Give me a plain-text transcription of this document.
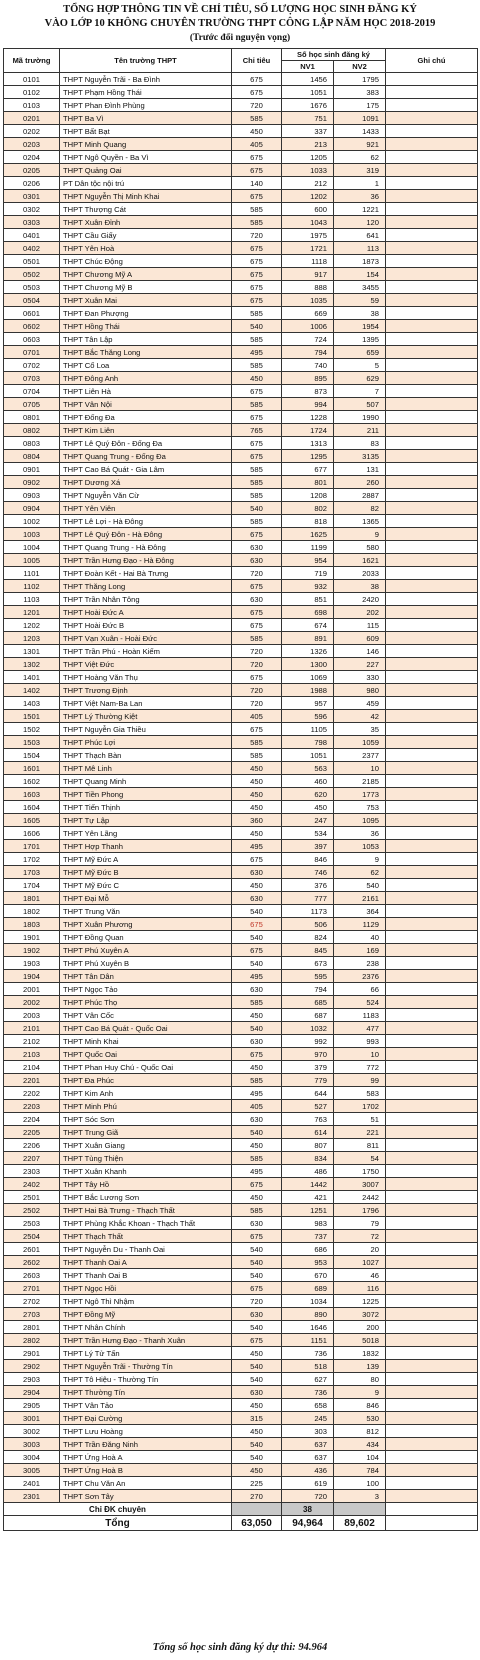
TỔNG HỢP THÔNG TIN VỀ CHỈ TIÊU, SỐ LƯỢNG HỌC SINH ĐĂNG KÝ
VÀO LỚP 10 KHÔNG CHUYÊN TRƯỜNG THPT CÔNG LẬP NĂM HỌC 2018-2019
(Trước đổi nguyện vọng)
Mã trường	Tên trường THPT	Chỉ tiêu	Số học sinh đăng ký		Ghi chú
			NV1	NV2	
0101	THPT Nguyễn Trãi - Ba Đình	675	1456	1795	
0102	THPT Phạm Hồng Thái	675	1051	383	
0103	THPT Phan Đình Phùng	720	1676	175	
0201	THPT Ba Vì	585	751	1091	
0202	THPT Bất Bạt	450	337	1433	
0203	THPT Minh Quang	405	213	921	
0204	THPT Ngô Quyền - Ba Vì	675	1205	62	
0205	THPT Quảng Oai	675	1033	319	
0206	PT Dân tộc nội trú	140	212	1	
0301	THPT Nguyễn Thị Minh Khai	675	1202	36	
0302	THPT Thượng Cát	585	600	1221	
0303	THPT Xuân Đỉnh	585	1043	120	
0401	THPT Cầu Giấy	720	1975	641	
0402	THPT Yên Hoà	675	1721	113	
0501	THPT Chúc Động	675	1118	1873	
0502	THPT Chương Mỹ A	675	917	154	
0503	THPT Chương Mỹ B	675	888	3455	
0504	THPT Xuân Mai	675	1035	59	
0601	THPT Đan Phượng	585	669	38	
0602	THPT Hồng Thái	540	1006	1954	
0603	THPT Tân Lập	585	724	1395	
0701	THPT Bắc Thăng Long	495	794	659	
0702	THPT Cổ Loa	585	740	5	
0703	THPT Đông Anh	450	895	629	
0704	THPT Liên Hà	675	873	7	
0705	THPT Vân Nội	585	994	507	
0801	THPT Đống Đa	675	1228	1990	
0802	THPT Kim Liên	765	1724	211	
0803	THPT Lê Quý Đôn - Đống Đa	675	1313	83	
0804	THPT Quang Trung - Đống Đa	675	1295	3135	
0901	THPT Cao Bá Quát - Gia Lâm	585	677	131	
0902	THPT Dương Xá	585	801	260	
0903	THPT Nguyễn Văn Cừ	585	1208	2887	
0904	THPT Yên Viên	540	802	82	
1002	THPT Lê Lợi - Hà Đông	585	818	1365	
1003	THPT Lê Quý Đôn - Hà Đông	675	1625	9	
1004	THPT Quang Trung - Hà Đông	630	1199	580	
1005	THPT Trần Hưng Đạo - Hà Đông	630	954	1621	
1101	THPT Đoàn Kết - Hai Bà Trưng	720	719	2033	
1102	THPT Thăng Long	675	932	38	
1103	THPT Trần Nhân Tông	630	851	2420	
1201	THPT Hoài Đức A	675	698	202	
1202	THPT Hoài Đức B	675	674	115	
1203	THPT Vạn Xuân - Hoài Đức	585	891	609	
1301	THPT Trần Phú - Hoàn Kiếm	720	1326	146	
1302	THPT Việt Đức	720	1300	227	
1401	THPT Hoàng Văn Thụ	675	1069	330	
1402	THPT Trương Định	720	1988	980	
1403	THPT Việt Nam-Ba Lan	720	957	459	
1501	THPT Lý Thường Kiệt	405	596	42	
1502	THPT Nguyễn Gia Thiều	675	1105	35	
1503	THPT Phúc Lợi	585	798	1059	
1504	THPT Thạch Bàn	585	1051	2377	
1601	THPT Mê Linh	450	563	10	
1602	THPT Quang Minh	450	460	2185	
1603	THPT Tiền Phong	450	620	1773	
1604	THPT Tiến Thịnh	450	450	753	
1605	THPT Tự Lập	360	247	1095	
1606	THPT Yên Lãng	450	534	36	
1701	THPT Hợp Thanh	495	397	1053	
1702	THPT Mỹ Đức A	675	846	9	
1703	THPT Mỹ Đức B	630	746	62	
1704	THPT Mỹ Đức C	450	376	540	
1801	THPT Đại Mỗ	630	777	2161	
1802	THPT Trung Văn	540	1173	364	
1803	THPT Xuân Phương	675	506	1129	
1901	THPT Đồng Quan	540	824	40	
1902	THPT Phú Xuyên A	675	845	169	
1903	THPT Phú Xuyên B	540	673	238	
1904	THPT Tân Dân	495	595	2376	
2001	THPT Ngọc Tảo	630	794	66	
2002	THPT Phúc Thọ	585	685	524	
2003	THPT Vân Cốc	450	687	1183	
2101	THPT Cao Bá Quát - Quốc Oai	540	1032	477	
2102	THPT Minh Khai	630	992	993	
2103	THPT Quốc Oai	675	970	10	
2104	THPT Phan Huy Chú - Quốc Oai	450	379	772	
2201	THPT Đa Phúc	585	779	99	
2202	THPT Kim Anh	495	644	583	
2203	THPT Minh Phú	405	527	1702	
2204	THPT Sóc Sơn	630	763	51	
2205	THPT Trung Giã	540	614	221	
2206	THPT Xuân Giang	450	807	811	
2207	THPT Tùng Thiện	585	834	54	
2303	THPT Xuân Khanh	495	486	1750	
2402	THPT Tây Hồ	675	1442	3007	
2501	THPT Bắc Lương Sơn	450	421	2442	
2502	THPT Hai Bà Trưng - Thạch Thất	585	1251	1796	
2503	THPT Phùng Khắc Khoan - Thạch Thất	630	983	79	
2504	THPT Thạch Thất	675	737	72	
2601	THPT Nguyễn Du - Thanh Oai	540	686	20	
2602	THPT Thanh Oai A	540	953	1027	
2603	THPT Thanh Oai B	540	670	46	
2701	THPT Ngọc Hồi	675	689	116	
2702	THPT Ngô Thì Nhậm	720	1034	1225	
2703	THPT Đồng Mỹ	630	890	3072	
2801	THPT Nhân Chính	540	1646	200	
2802	THPT Trần Hưng Đạo - Thanh Xuân	675	1151	5018	
2901	THPT Lý Tử Tấn	450	736	1832	
2902	THPT Nguyễn Trãi - Thường Tín	540	518	139	
2903	THPT Tô Hiệu - Thường Tín	540	627	80	
2904	THPT Thường Tín	630	736	9	
2905	THPT Vân Tảo	450	658	846	
3001	THPT Đại Cường	315	245	530	
3002	THPT Lưu Hoàng	450	303	812	
3003	THPT Trần Đăng Ninh	540	637	434	
3004	THPT Ứng Hoà A	540	637	104	
3005	THPT Ứng Hoà B	450	436	784	
2401	THPT Chu Văn An	225	619	100	
2301	THPT Sơn Tây	270	720	3	
Chỉ ĐK chuyên			38		
Tổng		63,050	94,964	89,602	
Tổng số học sinh đăng ký dự thi: 94.964
